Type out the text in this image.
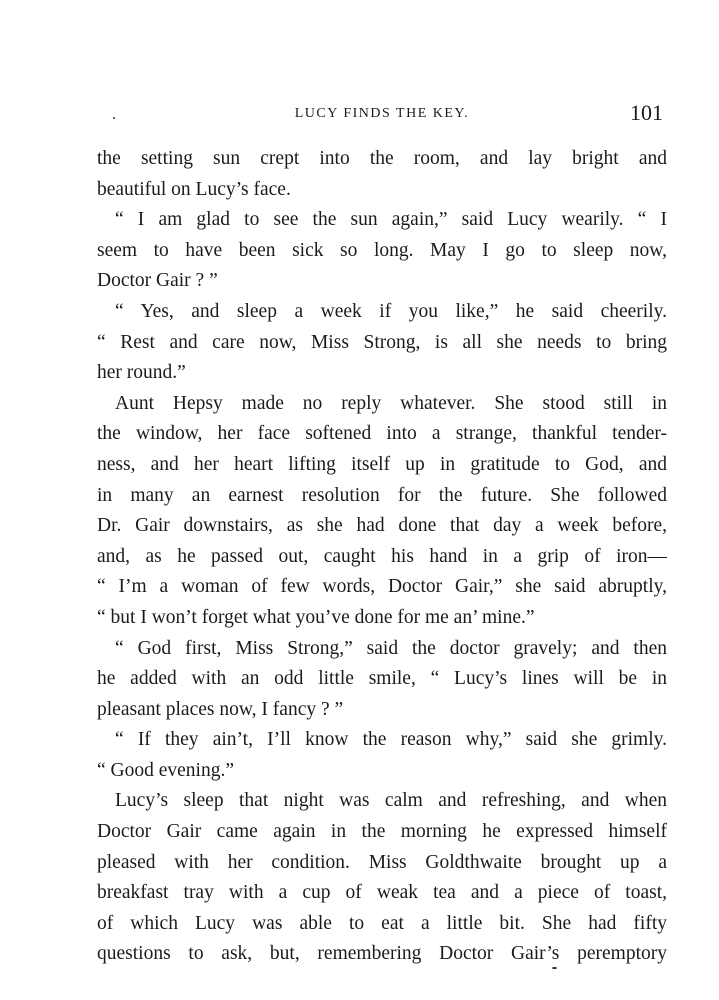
LUCY FINDS THE KEY.	101
the setting sun crept into the room, and lay bright and
beautiful on Lucy’s face.
“ I am glad to see the sun again,” said Lucy wearily. “ I
seem to have been sick so long. May I go to sleep now,
Doctor Gair ? ”
“ Yes, and sleep a week if you like,” he said cheerily.
“ Rest and care now, Miss Strong, is all she needs to bring
her round.”
Aunt Hepsy made no reply whatever. She stood still in
the window, her face softened into a strange, thankful tender-
ness, and her heart lifting itself up in gratitude to God, and
in many an earnest resolution for the future. She followed
Dr. Gair downstairs, as she had done that day a week before,
and, as he passed out, caught his hand in a grip of iron—
“ I’m a woman of few words, Doctor Gair,” she said abruptly,
“ but I won’t forget what you’ve done for me an’ mine.”
“ God first, Miss Strong,” said the doctor gravely; and then
he added with an odd little smile, “ Lucy’s lines will be in
pleasant places now, I fancy ? ”
“ If they ain’t, I’ll know the reason why,” said she grimly.
“ Good evening.”
Lucy’s sleep that night was calm and refreshing, and when
Doctor Gair came again in the morning he expressed himself
pleased with her condition. Miss Goldthwaite brought up a
breakfast tray with a cup of weak tea and a piece of toast,
of which Lucy was able to eat a little bit. She had fifty
questions to ask, but, remembering Doctor Gair’s peremptory
